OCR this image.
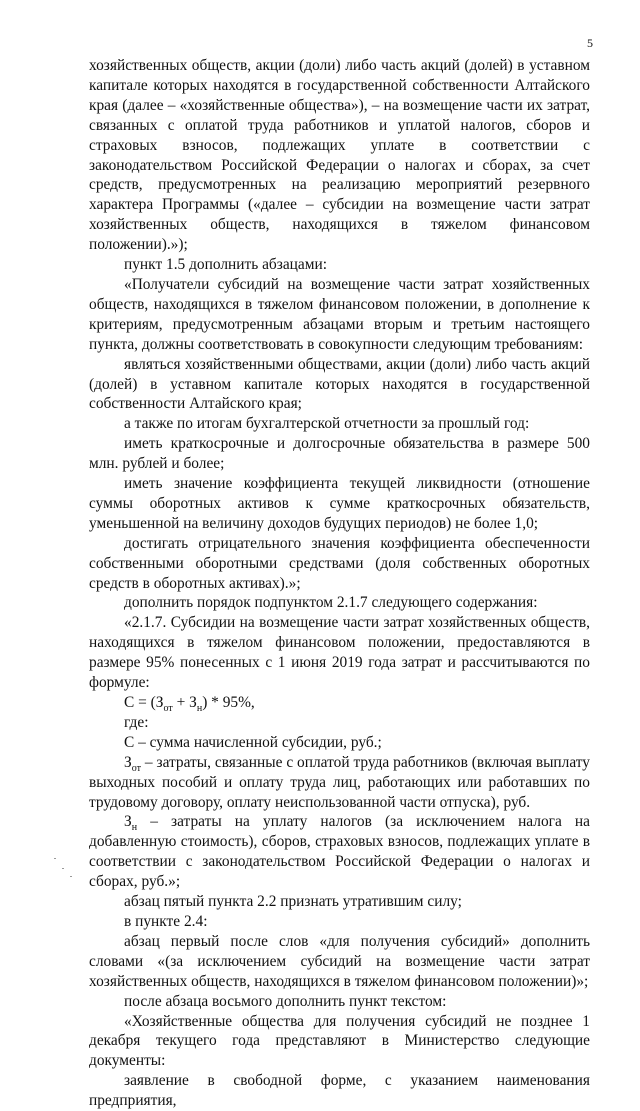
5

хозяйственных обществ, акции (доли) либо часть акций (долей) в уставном капитале которых находятся в государственной собственности Алтайского края (далее – «хозяйственные общества»), – на возмещение части их затрат, связанных с оплатой труда работников и уплатой налогов, сборов и страховых взносов, подлежащих уплате в соответствии с законодательством Российской Федерации о налогах и сборах, за счет средств, предусмотренных на реализацию мероприятий резервного характера Программы («далее – субсидии на возмещение части затрат хозяйственных обществ, находящихся в тяжелом финансовом положении).»);

пункт 1.5 дополнить абзацами:

«Получатели субсидий на возмещение части затрат хозяйственных обществ, находящихся в тяжелом финансовом положении, в дополнение к критериям, предусмотренным абзацами вторым и третьим настоящего пункта, должны соответствовать в совокупности следующим требованиям:

являться хозяйственными обществами, акции (доли) либо часть акций (долей) в уставном капитале которых находятся в государственной собственности Алтайского края;

а также по итогам бухгалтерской отчетности за прошлый год:

иметь краткосрочные и долгосрочные обязательства в размере 500 млн. рублей и более;

иметь значение коэффициента текущей ликвидности (отношение суммы оборотных активов к сумме краткосрочных обязательств, уменьшенной на величину доходов будущих периодов) не более 1,0;

достигать отрицательного значения коэффициента обеспеченности собственными оборотными средствами (доля собственных оборотных средств в оборотных активах).»;

дополнить порядок подпунктом 2.1.7 следующего содержания:

«2.1.7. Субсидии на возмещение части затрат хозяйственных обществ, находящихся в тяжелом финансовом положении, предоставляются в размере 95% понесенных с 1 июня 2019 года затрат и рассчитываются по формуле:

$С = (З_{от} + З_н) * 95\%$,

где:

С – сумма начисленной субсидии, руб.;

$З_{от}$ – затраты, связанные с оплатой труда работников (включая выплату выходных пособий и оплату труда лиц, работающих или работавших по трудовому договору, оплату неиспользованной части отпуска), руб.

$З_н$ – затраты на уплату налогов (за исключением налога на добавленную стоимость), сборов, страховых взносов, подлежащих уплате в соответствии с законодательством Российской Федерации о налогах и сборах, руб.»;

абзац пятый пункта 2.2 признать утратившим силу;

в пункте 2.4:

абзац первый после слов «для получения субсидий» дополнить словами «(за исключением субсидий на возмещение части затрат хозяйственных обществ, находящихся в тяжелом финансовом положении)»;

после абзаца восьмого дополнить пункт текстом:

«Хозяйственные общества для получения субсидий не позднее 1 декабря текущего года представляют в Министерство следующие документы:

заявление в свободной форме, с указанием наименования предприятия,
